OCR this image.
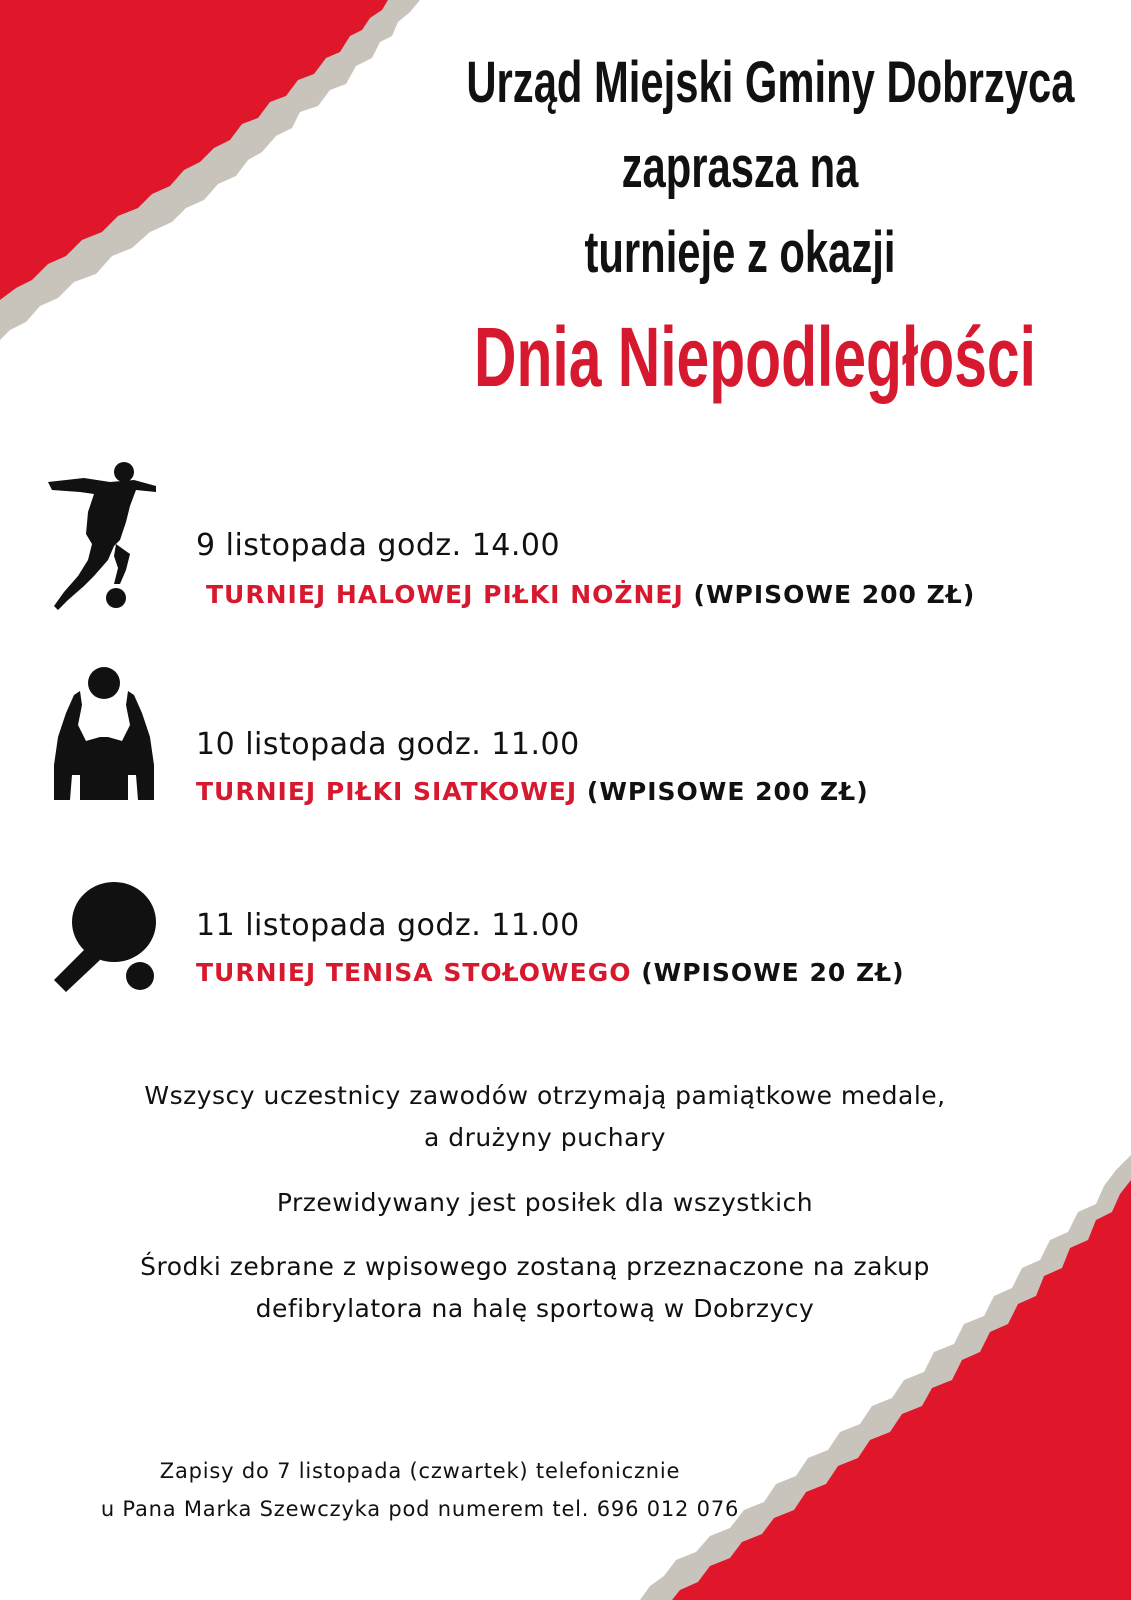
Urząd Miejski Gminy Dobrzyca
zaprasza na
turnieje z okazji
Dnia Niepodległości
9 listopada godz. 14.00
TURNIEJ HALOWEJ PIŁKI NOŻNEJ (WPISOWE 200 ZŁ)
10 listopada godz. 11.00
TURNIEJ PIŁKI SIATKOWEJ (WPISOWE 200 ZŁ)
11 listopada godz. 11.00
TURNIEJ TENISA STOŁOWEGO (WPISOWE 20 ZŁ)
Wszyscy uczestnicy zawodów otrzymają pamiątkowe medale,
a drużyny puchary
Przewidywany jest posiłek dla wszystkich
Środki zebrane z wpisowego zostaną przeznaczone na zakup
defibrylatora na halę sportową w Dobrzycy
Zapisy do 7 listopada (czwartek) telefonicznie
u Pana Marka Szewczyka pod numerem tel. 696 012 076
